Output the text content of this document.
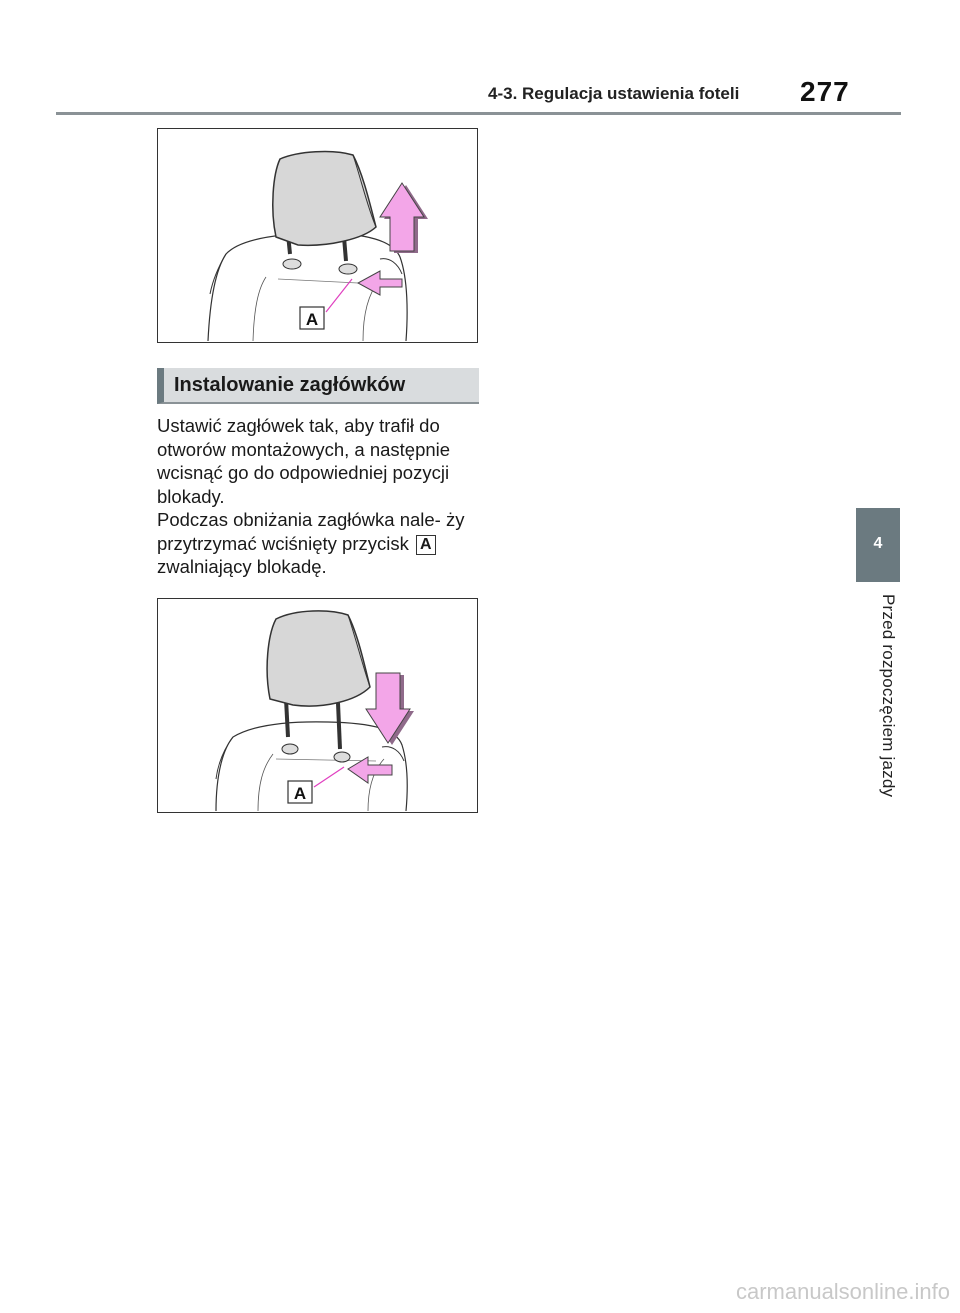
4-3. Regulacja ustawienia foteli 277
A
Instalowanie zagłówków

Ustawić zagłówek tak, aby trafił do otworów montażowych, a następnie wcisnąć go do odpowiedniej pozycji blokady.

Podczas obniżania zagłówka nale- ży przytrzymać wciśnięty przycisk Azwalniający blokadę.

A
4
Przed rozpoczęciem jazdy
carmanualsonline.info
